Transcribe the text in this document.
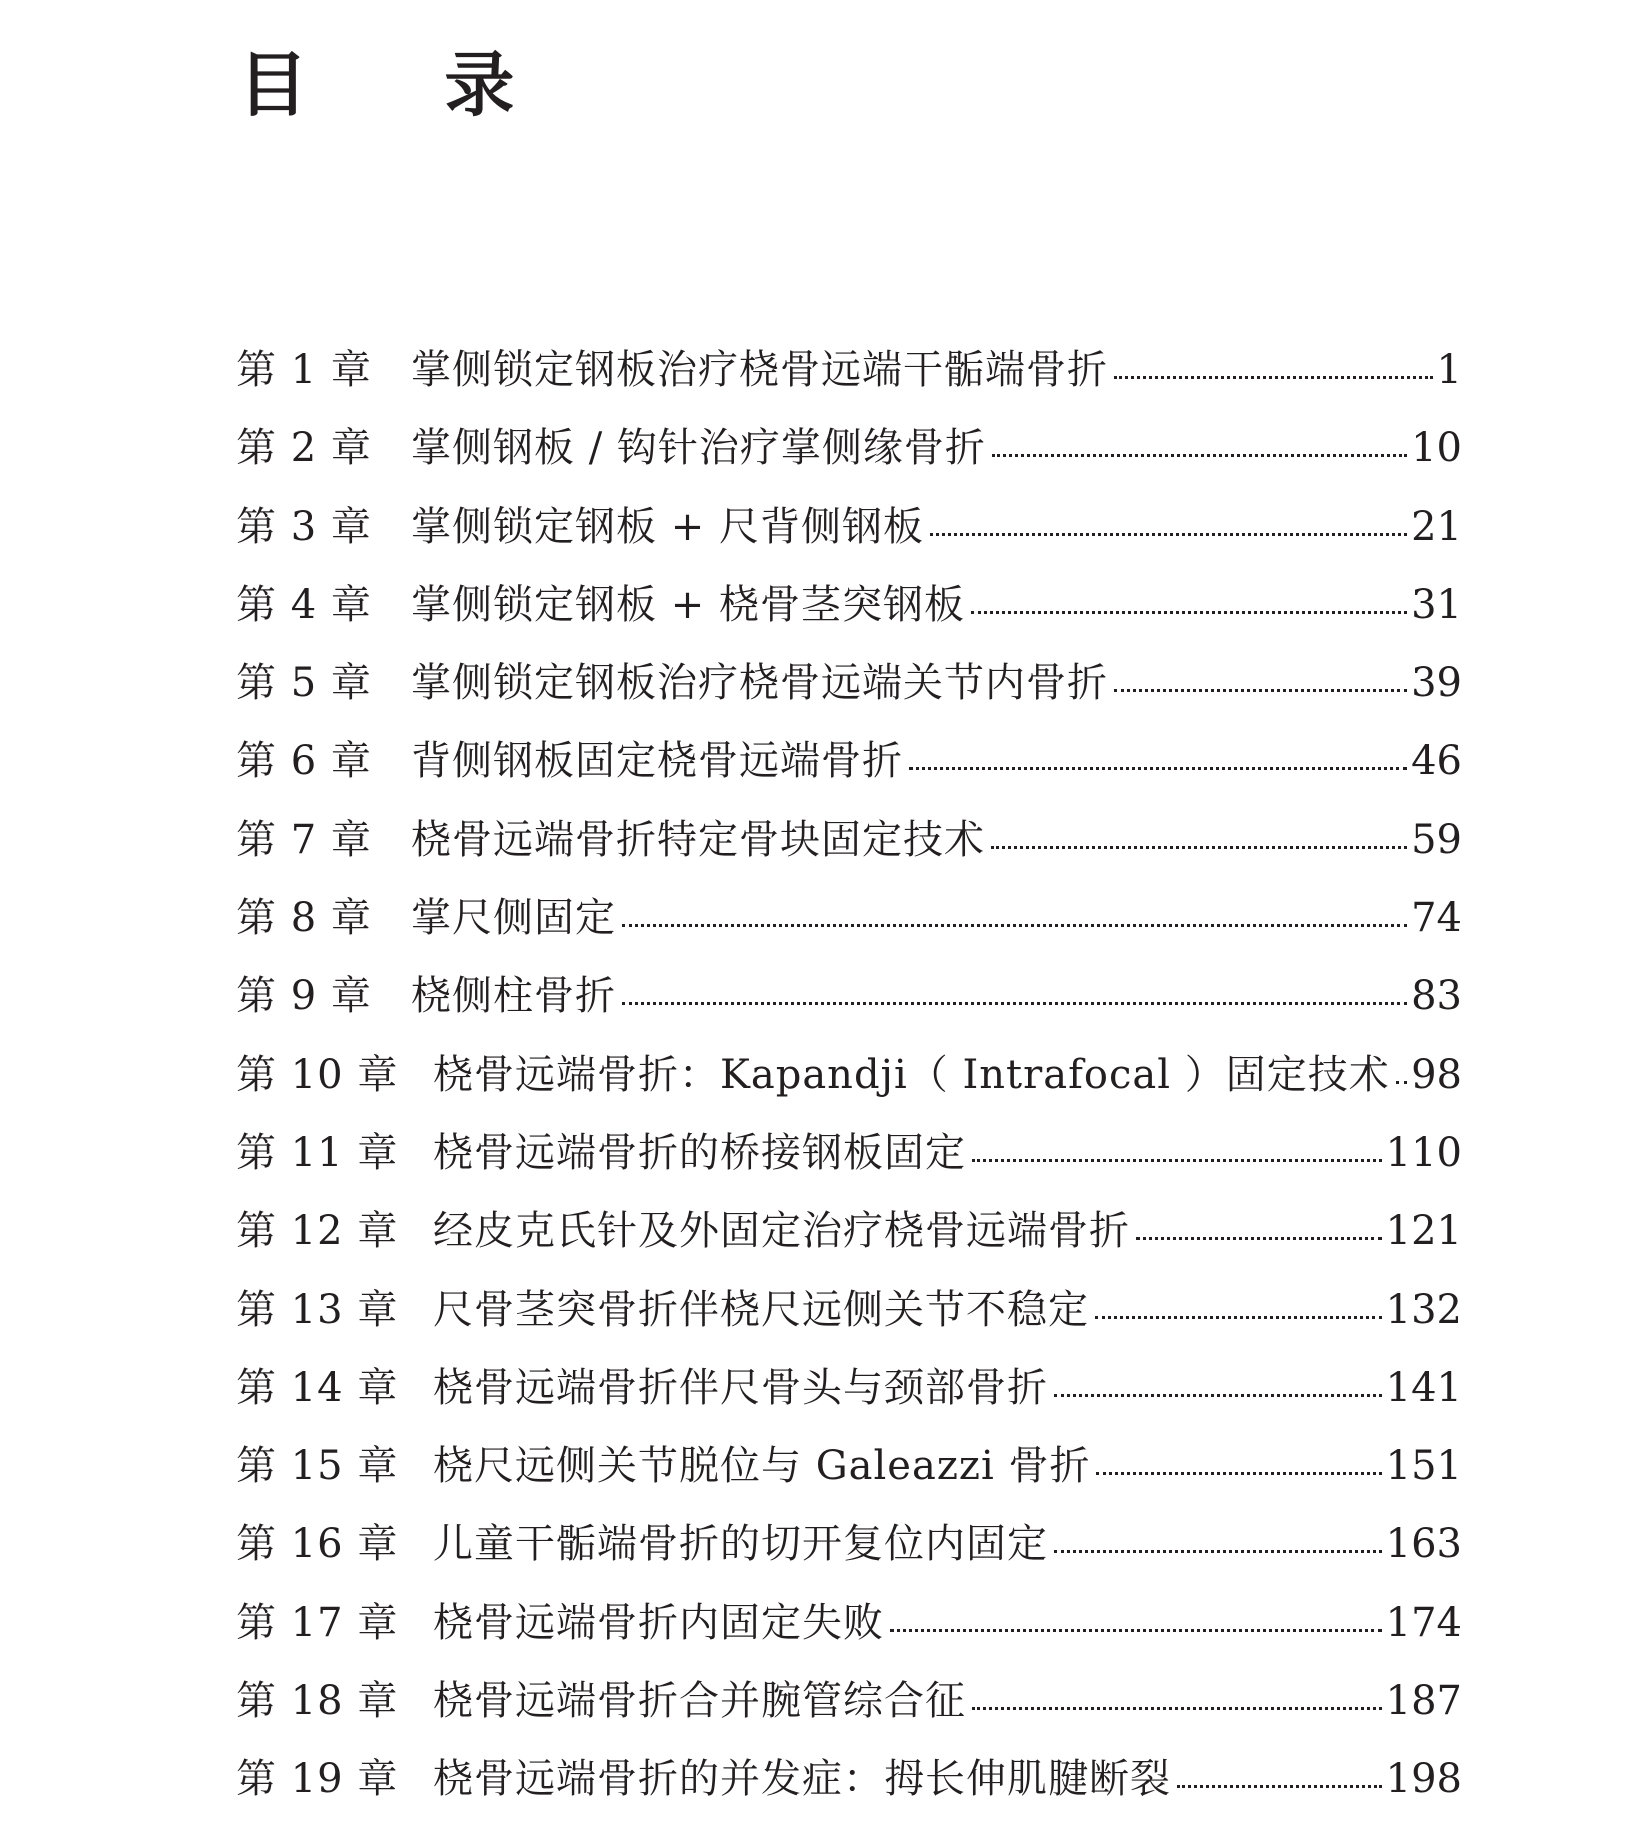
目 录
第 1 章 掌侧锁定钢板治疗桡骨远端干骺端骨折	1
第 2 章 掌侧钢板 / 钩针治疗掌侧缘骨折	10
第 3 章 掌侧锁定钢板 + 尺背侧钢板	21
第 4 章 掌侧锁定钢板 + 桡骨茎突钢板	31
第 5 章 掌侧锁定钢板治疗桡骨远端关节内骨折	39
第 6 章 背侧钢板固定桡骨远端骨折	46
第 7 章 桡骨远端骨折特定骨块固定技术	59
第 8 章 掌尺侧固定	74
第 9 章 桡侧柱骨折	83
第 10 章 桡骨远端骨折：Kapandji（ Intrafocal ）固定技术 98
第 11 章 桡骨远端骨折的桥接钢板固定	110
第 12 章 经皮克氏针及外固定治疗桡骨远端骨折	121
第 13 章 尺骨茎突骨折伴桡尺远侧关节不稳定	132
第 14 章 桡骨远端骨折伴尺骨头与颈部骨折	141
第 15 章 桡尺远侧关节脱位与 Galeazzi 骨折	151
第 16 章 儿童干骺端骨折的切开复位内固定	163
第 17 章 桡骨远端骨折内固定失败	174
第 18 章 桡骨远端骨折合并腕管综合征	187
第 19 章 桡骨远端骨折的并发症：拇长伸肌腱断裂	198
